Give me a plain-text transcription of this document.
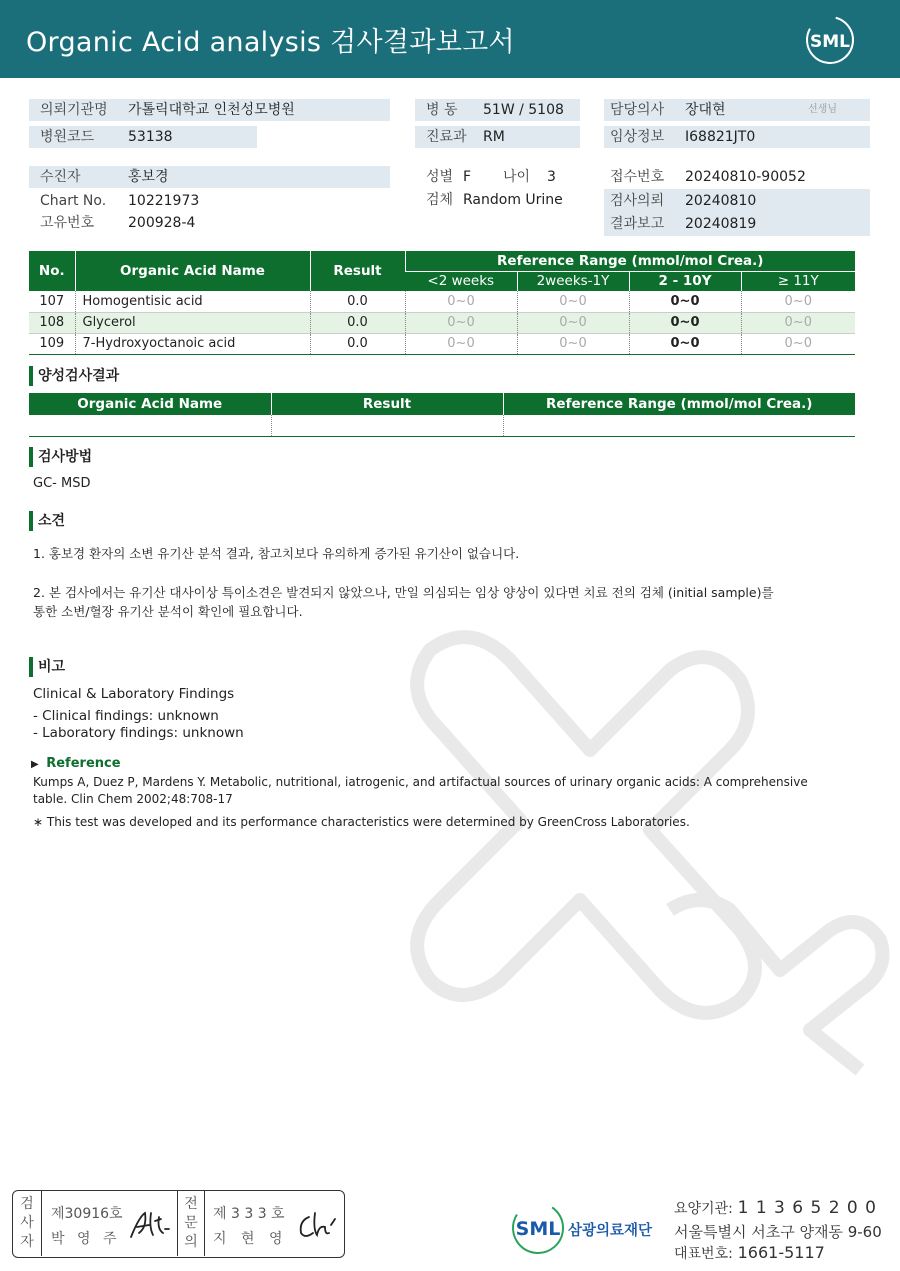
Organic Acid analysis 검사결과보고서	SML
의뢰기관명 가톨릭대학교 인천성모병원
병원코드 53138
병 동 51W / 5108
진료과 RM
담당의사 장대현	선생님
임상정보 I68821JT0
수진자	홍보경
Chart No. 10221973
고유번호 200928-4
성별 F 나이 3
검체 Random Urine
접수번호 20240810-90052
검사의뢰 20240810
결과보고 20240819
No.	Organic Acid Name	Result	Reference Range (mmol/mol Crea.)			
			<2 weeks	2weeks-1Y	2 - 10Y	≥ 11Y
107	Homogentisic acid	0.0	0~0	0~0	0~0	0~0
108	Glycerol	0.0	0~0	0~0	0~0	0~0
109	7-Hydroxyoctanoic acid	0.0	0~0	0~0	0~0	0~0
양성검사결과
Organic Acid Name	Result	Reference Range (mmol/mol Crea.)

검사방법
GC- MSD
소견
1. 홍보경 환자의 소변 유기산 분석 결과, 참고치보다 유의하게 증가된 유기산이 없습니다.
2. 본 검사에서는 유기산 대사이상 특이소견은 발견되지 않았으나, 만일 의심되는 임상 양상이 있다면 치료 전의 검체 (initial sample)를
통한 소변/혈장 유기산 분석이 확인에 필요합니다.
비고
Clinical & Laboratory Findings
- Clinical findings: unknown
- Laboratory findings: unknown
▶ Reference
Kumps A, Duez P, Mardens Y. Metabolic, nutritional, iatrogenic, and artifactual sources of urinary organic acids: A comprehensive
table. Clin Chem 2002;48:708-17
∗ This test was developed and its performance characteristics were determined by GreenCross Laboratories.
검
사
자
제30916호
박 영 주
전
문
의
제 3 3 3 호
지 현 영	SML 삼광의료재단
요양기관: 1 1 3 6 5 2 0 0
서울특별시 서초구 양재동 9-60
대표번호: 1661-5117
